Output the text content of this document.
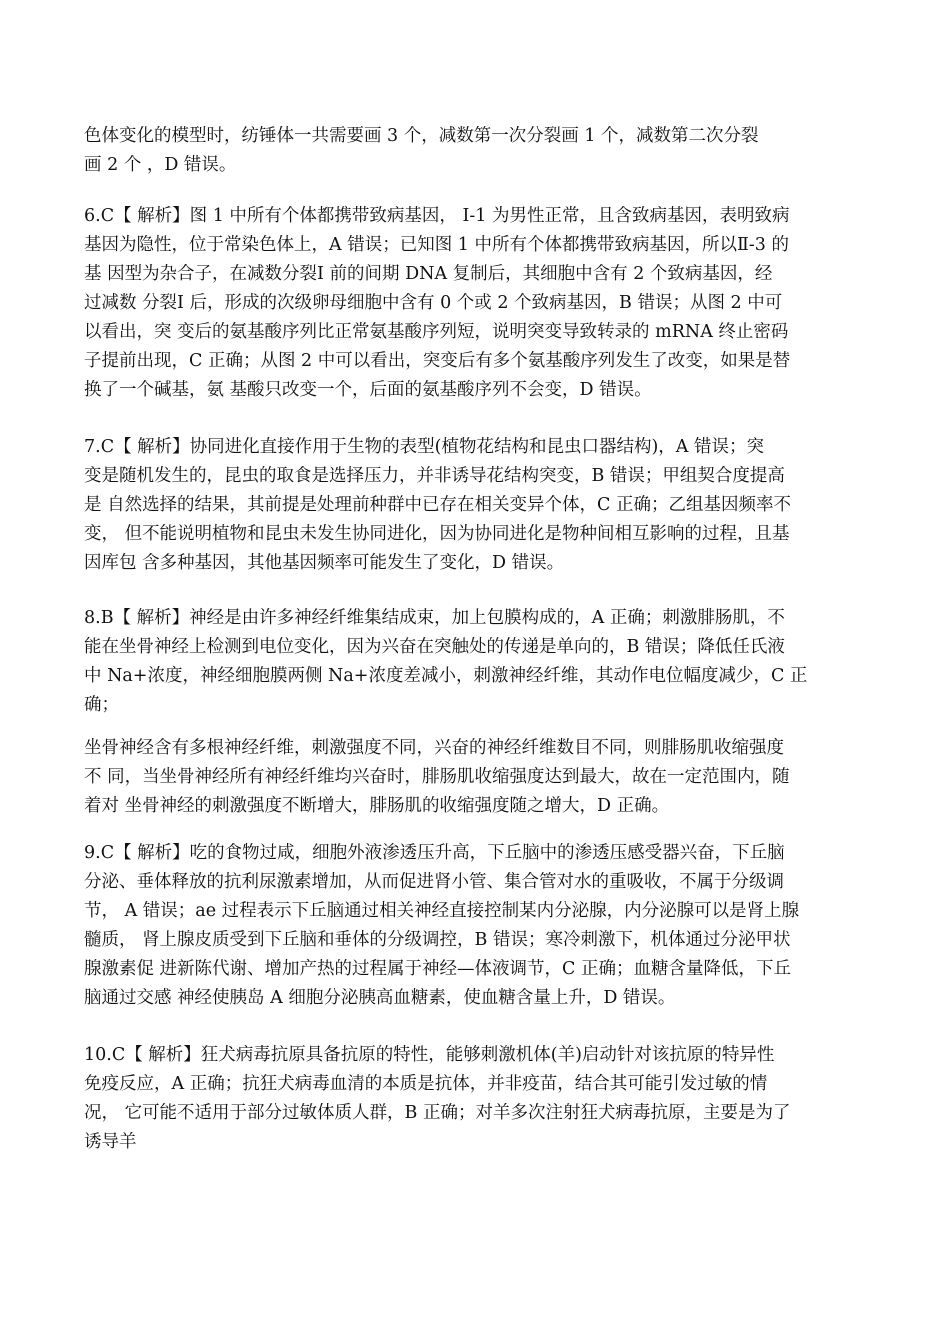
色体变化的模型时，纺锤体一共需要画 3 个，减数第一次分裂画 1 个，减数第二次分裂
画 2 个 ，D 错误。
6.C【 解析】图 1 中所有个体都携带致病基因， I-1 为男性正常，且含致病基因，表明致病
基因为隐性，位于常染色体上，A 错误；已知图 1 中所有个体都携带致病基因，所以Ⅱ-3 的
基 因型为杂合子，在减数分裂Ⅰ 前的间期 DNA 复制后，其细胞中含有 2 个致病基因，经
过减数 分裂Ⅰ 后，形成的次级卵母细胞中含有 0 个或 2 个致病基因，B 错误；从图 2 中可
以看出，突 变后的氨基酸序列比正常氨基酸序列短，说明突变导致转录的 mRNA 终止密码
子提前出现，C 正确；从图 2 中可以看出，突变后有多个氨基酸序列发生了改变，如果是替
换了一个碱基，氨 基酸只改变一个，后面的氨基酸序列不会变，D 错误。
7.C【 解析】协同进化直接作用于生物的表型(植物花结构和昆虫口器结构)，A 错误；突
变是随机发生的，昆虫的取食是选择压力，并非诱导花结构突变，B 错误；甲组契合度提高
是 自然选择的结果，其前提是处理前种群中已存在相关变异个体，C 正确；乙组基因频率不
变， 但不能说明植物和昆虫未发生协同进化，因为协同进化是物种间相互影响的过程，且基
因库包 含多种基因，其他基因频率可能发生了变化，D 错误。
8.B【 解析】神经是由许多神经纤维集结成束，加上包膜构成的，A 正确；刺激腓肠肌，不
能在坐骨神经上检测到电位变化，因为兴奋在突触处的传递是单向的，B 错误；降低任氏液
中 Na+浓度，神经细胞膜两侧 Na+浓度差减小，刺激神经纤维，其动作电位幅度减少，C 正
确；
坐骨神经含有多根神经纤维，刺激强度不同，兴奋的神经纤维数目不同，则腓肠肌收缩强度
不 同，当坐骨神经所有神经纤维均兴奋时，腓肠肌收缩强度达到最大，故在一定范围内，随
着对 坐骨神经的刺激强度不断增大，腓肠肌的收缩强度随之增大，D 正确。
9.C【 解析】吃的食物过咸，细胞外液渗透压升高，下丘脑中的渗透压感受器兴奋，下丘脑
分泌、垂体释放的抗利尿激素增加，从而促进肾小管、集合管对水的重吸收，不属于分级调
节， A 错误；ae 过程表示下丘脑通过相关神经直接控制某内分泌腺，内分泌腺可以是肾上腺
髓质， 肾上腺皮质受到下丘脑和垂体的分级调控，B 错误；寒冷刺激下，机体通过分泌甲状
腺激素促 进新陈代谢、增加产热的过程属于神经—体液调节，C 正确；血糖含量降低，下丘
脑通过交感 神经使胰岛 A 细胞分泌胰高血糖素，使血糖含量上升，D 错误。
10.C【 解析】狂犬病毒抗原具备抗原的特性，能够刺激机体(羊)启动针对该抗原的特异性
免疫反应，A 正确；抗狂犬病毒血清的本质是抗体，并非疫苗，结合其可能引发过敏的情
况， 它可能不适用于部分过敏体质人群，B 正确；对羊多次注射狂犬病毒抗原，主要是为了
诱导羊
